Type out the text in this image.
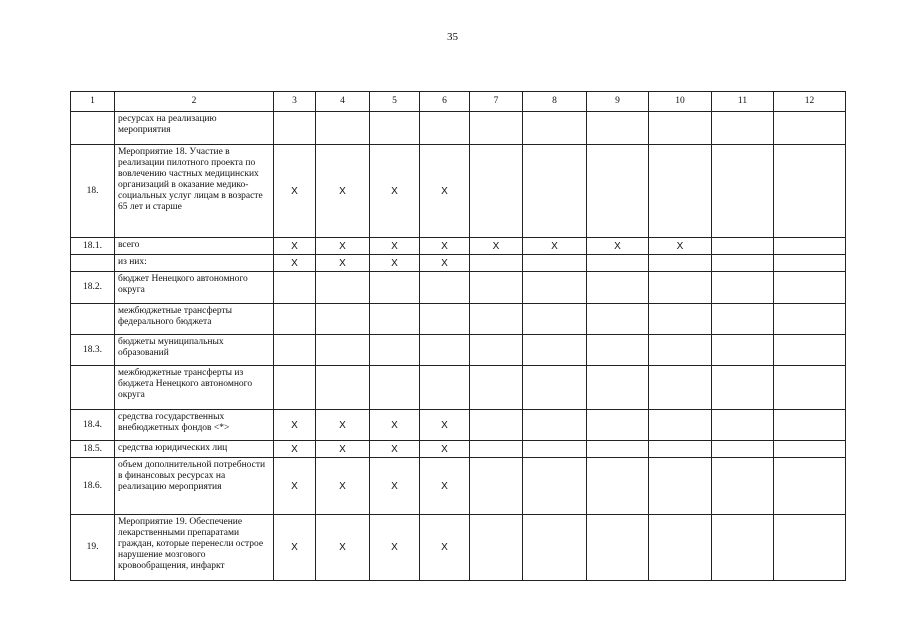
35
1	2	3	4	5	6	7	8	9	10	11	12
	ресурсах на реализацию мероприятия										
18.	Мероприятие 18. Участие в реализации пилотного проекта по вовлечению частных медицинских организаций в оказание медико-социальных услуг лицам в возрасте 65 лет и старше	X	X	X	X						
18.1.	всего	X	X	X	X	X	X	X	X		
	из них:	X	X	X	X						
18.2.	бюджет Ненецкого автономного округа										
	межбюджетные трансферты федерального бюджета										
18.3.	бюджеты муниципальных образований										
	межбюджетные трансферты из бюджета Ненецкого автономного округа										
18.4.	средства государственных внебюджетных фондов <*>	X	X	X	X						
18.5.	средства юридических лиц	X	X	X	X						
18.6.	объем дополнительной потребности в финансовых ресурсах на реализацию мероприятия	X	X	X	X						
19.	Мероприятие 19. Обеспечение лекарственными препаратами граждан, которые перенесли острое нарушение мозгового кровообращения, инфаркт	X	X	X	X						
